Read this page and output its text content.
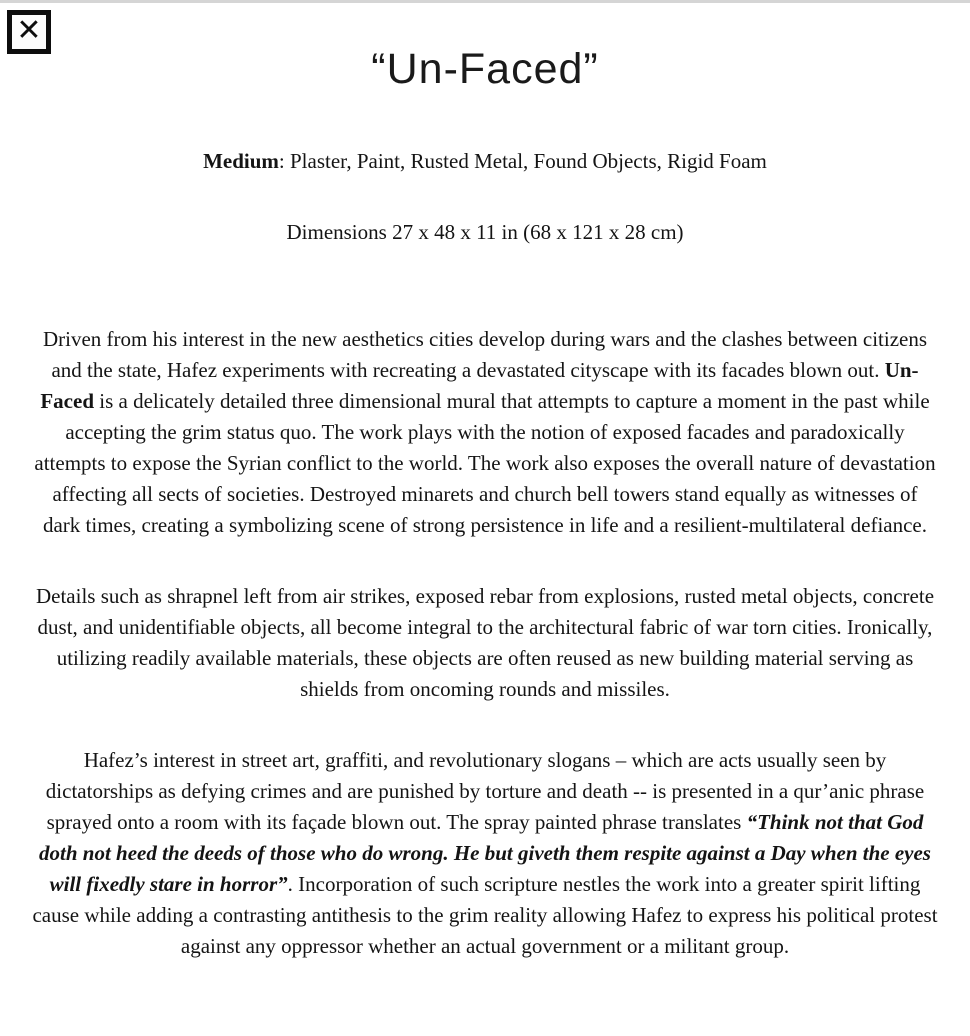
✕
“Un-Faced”

Medium: Plaster, Paint, Rusted Metal, Found Objects, Rigid Foam

Dimensions 27 x 48 x 11 in (68 x 121 x 28 cm)

Driven from his interest in the new aesthetics cities develop during wars and the clashes between citizens and the state, Hafez experiments with recreating a devastated cityscape with its facades blown out. Un-Faced is a delicately detailed three dimensional mural that attempts to capture a moment in the past while accepting the grim status quo. The work plays with the notion of exposed facades and paradoxically attempts to expose the Syrian conflict to the world. The work also exposes the overall nature of devastation affecting all sects of societies. Destroyed minarets and church bell towers stand equally as witnesses of dark times, creating a symbolizing scene of strong persistence in life and a resilient-multilateral defiance.

Details such as shrapnel left from air strikes, exposed rebar from explosions, rusted metal objects, concrete dust, and unidentifiable objects, all become integral to the architectural fabric of war torn cities. Ironically, utilizing readily available materials, these objects are often reused as new building material serving as shields from oncoming rounds and missiles.

Hafez’s interest in street art, graffiti, and revolutionary slogans – which are acts usually seen by dictatorships as defying crimes and are punished by torture and death -- is presented in a qur’anic phrase sprayed onto a room with its façade blown out. The spray painted phrase translates “Think not that God doth not heed the deeds of those who do wrong. He but giveth them respite against a Day when the eyes will fixedly stare in horror”. Incorporation of such scripture nestles the work into a greater spirit lifting cause while adding a contrasting antithesis to the grim reality allowing Hafez to express his political protest against any oppressor whether an actual government or a militant group.
